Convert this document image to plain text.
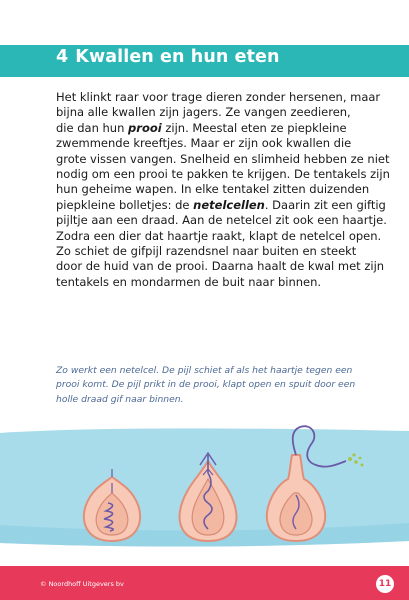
4 Kwallen en hun eten

Het klinkt raar voor trage dieren zonder hersenen, maar

bijna alle kwallen zijn jagers. Ze vangen zeedieren,

die dan hun prooi zijn. Meestal eten ze piepkleine

zwemmende kreeftjes. Maar er zijn ook kwallen die

grote vissen vangen. Snelheid en slimheid hebben ze niet

nodig om een prooi te pakken te krijgen. De tentakels zijn

hun geheime wapen. In elke tentakel zitten duizenden

piepkleine bolletjes: de netelcellen. Daarin zit een giftig

pijltje aan een draad. Aan de netelcel zit ook een haartje.

Zodra een dier dat haartje raakt, klapt de netelcel open.

Zo schiet de gifpijl razendsnel naar buiten en steekt

door de huid van de prooi. Daarna haalt de kwal met zijn

tentakels en mondarmen de buit naar binnen.

Zo werkt een netelcel. De pijl schiet af als het haartje tegen een

prooi komt. De pijl prikt in de prooi, klapt open en spuit door een

holle draad gif naar binnen.

© Noordhoff Uitgevers bv	11
